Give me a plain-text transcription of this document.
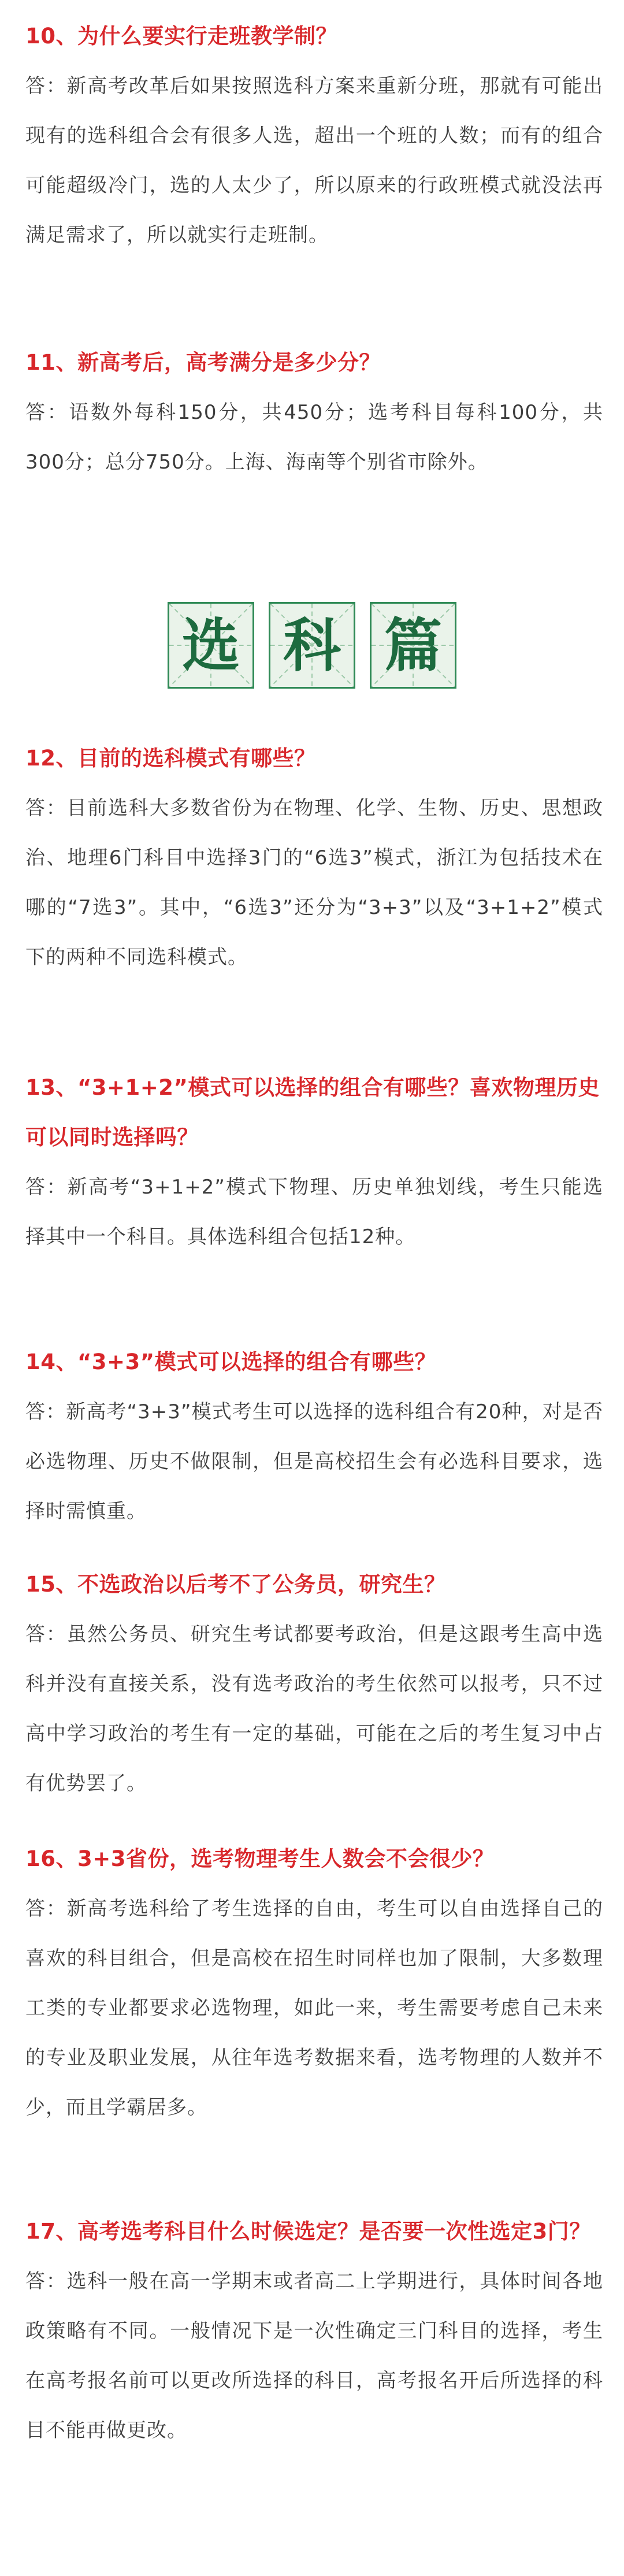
10、为什么要实行走班教学制？

答：新高考改革后如果按照选科方案来重新分班，那就有可能出现有的选科组合会有很多人选，超出一个班的人数；而有的组合可能超级冷门，选的人太少了，所以原来的行政班模式就没法再满足需求了，所以就实行走班制。

11、新高考后，高考满分是多少分？

答：语数外每科150分，共450分；选考科目每科100分，共300分；总分750分。上海、海南等个别省市除外。

选 科 篇

12、目前的选科模式有哪些？

答：目前选科大多数省份为在物理、化学、生物、历史、思想政治、地理6门科目中选择3门的“6选3”模式，浙江为包括技术在哪的“7选3”。其中，“6选3”还分为“3+3”以及“3+1+2”模式下的两种不同选科模式。

13、“3+1+2”模式可以选择的组合有哪些？喜欢物理历史可以同时选择吗？

答：新高考“3+1+2”模式下物理、历史单独划线，考生只能选择其中一个科目。具体选科组合包括12种。

14、“3+3”模式可以选择的组合有哪些？

答：新高考“3+3”模式考生可以选择的选科组合有20种，对是否必选物理、历史不做限制，但是高校招生会有必选科目要求，选择时需慎重。

15、不选政治以后考不了公务员，研究生？

答：虽然公务员、研究生考试都要考政治，但是这跟考生高中选科并没有直接关系，没有选考政治的考生依然可以报考，只不过高中学习政治的考生有一定的基础，可能在之后的考生复习中占有优势罢了。

16、3+3省份，选考物理考生人数会不会很少？

答：新高考选科给了考生选择的自由，考生可以自由选择自己的喜欢的科目组合，但是高校在招生时同样也加了限制，大多数理工类的专业都要求必选物理，如此一来，考生需要考虑自己未来的专业及职业发展，从往年选考数据来看，选考物理的人数并不少，而且学霸居多。

17、高考选考科目什么时候选定？是否要一次性选定3门？

答：选科一般在高一学期末或者高二上学期进行，具体时间各地政策略有不同。一般情况下是一次性确定三门科目的选择，考生在高考报名前可以更改所选择的科目，高考报名开后所选择的科目不能再做更改。
